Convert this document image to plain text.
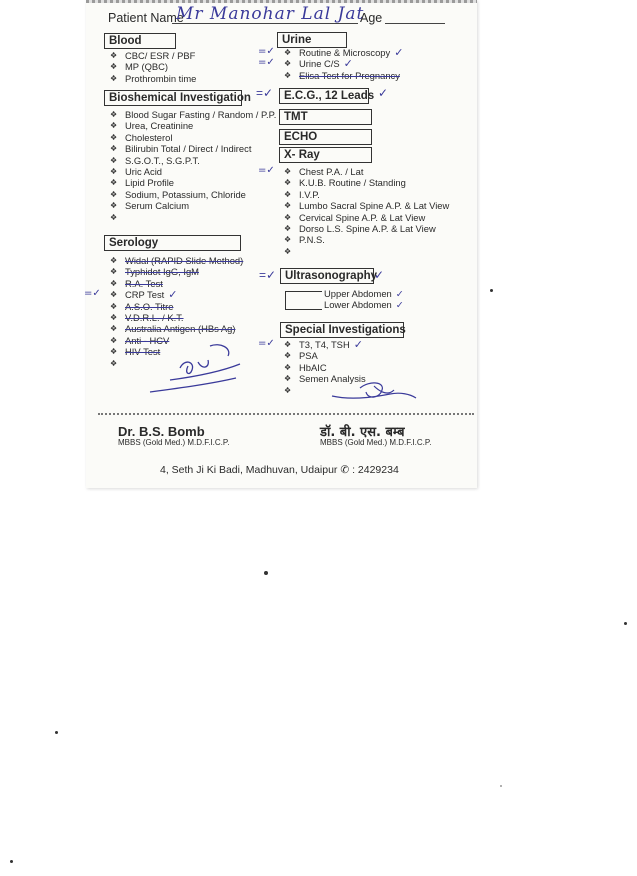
Patient Name
Mr Manohar Lal Jat
Age
Blood
❖ CBC/ ESR / PBF
❖ MP (QBC)
❖ Prothrombin time
Urine
❖ =✓	Routine & Microscopy ✓
❖ =✓	Urine C/S ✓
❖ Elisa Test for Pregnancy
Bioshemical Investigation
❖ Blood Sugar Fasting / Random / P.P.
❖ Urea, Creatinine
❖ Cholesterol
❖ Bilirubin Total / Direct / Indirect
❖ S.G.O.T., S.G.P.T.
❖ Uric Acid
❖ Lipid Profile
❖ Sodium, Potassium, Chloride
❖ Serum Calcium
E.C.G., 12 Leads
=✓	✓
TMT
ECHO
X- Ray
❖ =✓	Chest P.A. / Lat
❖ K.U.B. Routine / Standing
❖ I.V.P.
❖ Lumbo Sacral Spine A.P. & Lat View
❖ Cervical Spine A.P. & Lat View
❖ Dorso L.S. Spine A.P. & Lat View
❖ P.N.S.
Serology
❖ Widal (RAPID Slide Method)
❖ Typhidot IgG, IgM
❖ R.A. Test
❖ =✓	CRP Test ✓
❖ A.S.O. Titre
❖ V.D.R.L. / K.T.
❖ Australia Antigen (HBs Ag)
❖ Anti - HCV
❖ HIV Test
Ultrasonography
=✓	✓
Upper Abdomen ✓
Lower Abdomen ✓
Special Investigations
❖ =✓	T3, T4, TSH ✓
❖ PSA
❖ HbAIC
❖ Semen Analysis
Dr. B.S. Bomb
MBBS (Gold Med.) M.D.F.I.C.P.
डॉ. बी. एस. बम्ब
MBBS (Gold Med.) M.D.F.I.C.P.
4, Seth Ji Ki Badi, Madhuvan, Udaipur ✆ : 2429234
